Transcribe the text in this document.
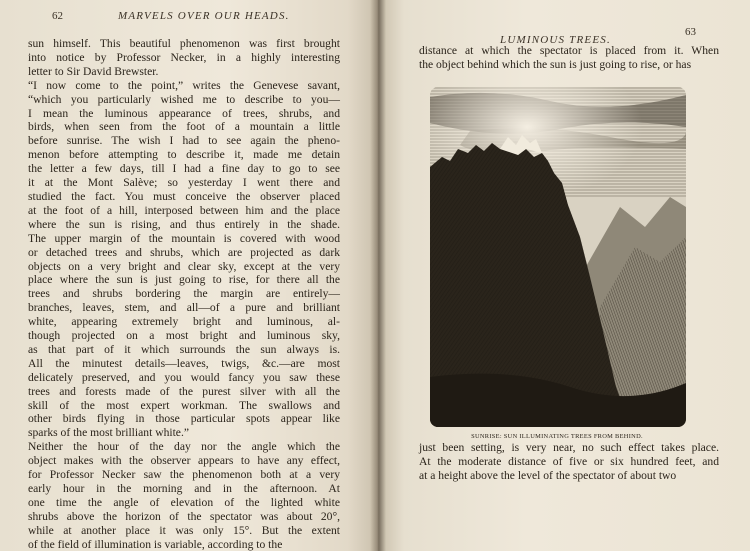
62	MARVELS OVER OUR HEADS.
sun himself. This beautiful phenomenon was first brought
into notice by Professor Necker, in a highly interesting
letter to Sir David Brewster.
“I now come to the point,” writes the Genevese savant,
“which you particularly wished me to describe to you—
I mean the luminous appearance of trees, shrubs, and
birds, when seen from the foot of a mountain a little
before sunrise. The wish I had to see again the pheno-
menon before attempting to describe it, made me detain
the letter a few days, till I had a fine day to go to see
it at the Mont Salève; so yesterday I went there and
studied the fact. You must conceive the observer placed
at the foot of a hill, interposed between him and the place
where the sun is rising, and thus entirely in the shade.
The upper margin of the mountain is covered with wood
or detached trees and shrubs, which are projected as dark
objects on a very bright and clear sky, except at the very
place where the sun is just going to rise, for there all the
trees and shrubs bordering the margin are entirely—
branches, leaves, stem, and all—of a pure and brilliant
white, appearing extremely bright and luminous, al-
though projected on a most bright and luminous sky,
as that part of it which surrounds the sun always is.
All the minutest details—leaves, twigs, &c.—are most
delicately preserved, and you would fancy you saw these
trees and forests made of the purest silver with all the
skill of the most expert workman. The swallows and
other birds flying in those particular spots appear like
sparks of the most brilliant white.”
Neither the hour of the day nor the angle which the
object makes with the observer appears to have any effect,
for Professor Necker saw the phenomenon both at a very
early hour in the morning and in the afternoon. At
one time the angle of elevation of the lighted white
shrubs above the horizon of the spectator was about 20°,
while at another place it was only 15°. But the extent
of the field of illumination is variable, according to the
LUMINOUS TREES.
63
distance at which the spectator is placed from it. When
the object behind which the sun is just going to rise, or has
just been setting, is very near, no such effect takes place.
At the moderate distance of five or six hundred feet, and
at a height above the level of the spectator of about two
SUNRISE: SUN ILLUMINATING TREES FROM BEHIND.
